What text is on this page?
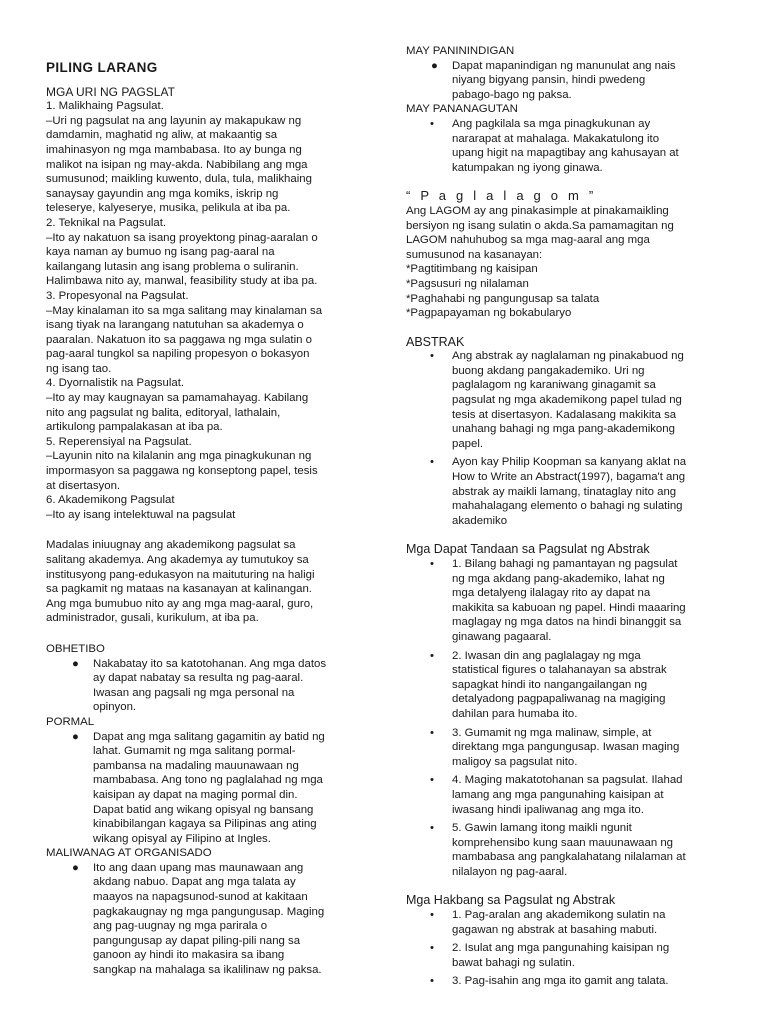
PILING LARANG

MGA URI NG PAGSLAT

1. Malikhaing Pagsulat.
–Uri ng pagsulat na ang layunin ay makapukaw ng
damdamin, maghatid ng aliw, at makaantig sa
imahinasyon ng mga mambabasa. Ito ay bunga ng
malikot na isipan ng may-akda. Nabibilang ang mga
sumusunod; maikling kuwento, dula, tula, malikhaing
sanaysay gayundin ang mga komiks, iskrip ng
teleserye, kalyeserye, musika, pelikula at iba pa.
2. Teknikal na Pagsulat.
–Ito ay nakatuon sa isang proyektong pinag-aaralan o
kaya naman ay bumuo ng isang pag-aaral na
kailangang lutasin ang isang problema o suliranin.
Halimbawa nito ay, manwal, feasibility study at iba pa.
3. Propesyonal na Pagsulat.
–May kinalaman ito sa mga salitang may kinalaman sa
isang tiyak na larangang natutuhan sa akademya o
paaralan. Nakatuon ito sa paggawa ng mga sulatin o
pag-aaral tungkol sa napiling propesyon o bokasyon
ng isang tao.
4. Dyornalistik na Pagsulat.
–Ito ay may kaugnayan sa pamamahayag. Kabilang
nito ang pagsulat ng balita, editoryal, lathalain,
artikulong pampalakasan at iba pa.
5. Reperensiyal na Pagsulat.
–Layunin nito na kilalanin ang mga pinagkukunan ng
impormasyon sa paggawa ng konseptong papel, tesis
at disertasyon.
6. Akademikong Pagsulat
–Ito ay isang intelektuwal na pagsulat
Madalas iniuugnay ang akademikong pagsulat sa
salitang akademya. Ang akademya ay tumutukoy sa
institusyong pang-edukasyon na maituturing na haligi
sa pagkamit ng mataas na kasanayan at kalinangan.
Ang mga bumubuo nito ay ang mga mag-aaral, guro,
administrador, gusali, kurikulum, at iba pa.

OBHETIBO

● Nakabatay ito sa katotohanan. Ang mga datos
ay dapat nabatay sa resulta ng pag-aaral.
Iwasan ang pagsali ng mga personal na
opinyon.

PORMAL

● Dapat ang mga salitang gagamitin ay batid ng
lahat. Gumamit ng mga salitang pormal-
pambansa na madaling mauunawaan ng
mambabasa. Ang tono ng paglalahad ng mga
kaisipan ay dapat na maging pormal din.
Dapat batid ang wikang opisyal ng bansang
kinabibilangan kagaya sa Pilipinas ang ating
wikang opisyal ay Filipino at Ingles.

MALIWANAG AT ORGANISADO

● Ito ang daan upang mas maunawaan ang
akdang nabuo. Dapat ang mga talata ay
maayos na napagsunod-sunod at kakitaan
pagkakaugnay ng mga pangungusap. Maging
ang pag-uugnay ng mga parirala o
pangungusap ay dapat piling-pili nang sa
ganoon ay hindi ito makasira sa ibang
sangkap na mahalaga sa ikalilinaw ng paksa.

MAY PANININDIGAN

● Dapat mapanindigan ng manunulat ang nais
niyang bigyang pansin, hindi pwedeng
pabago-bago ng paksa.

MAY PANANAGUTAN

• Ang pagkilala sa mga pinagkukunan ay
nararapat at mahalaga. Makakatulong ito
upang higit na mapagtibay ang kahusayan at
katumpakan ng iyong ginawa.

“ P a g l a l a g o m ”

Ang LAGOM ay ang pinakasimple at pinakamaikling
bersiyon ng isang sulatin o akda.Sa pamamagitan ng
LAGOM nahuhubog sa mga mag-aaral ang mga
sumusunod na kasanayan:
*Pagtitimbang ng kaisipan
*Pagsusuri ng nilalaman
*Paghahabi ng pangungusap sa talata
*Pagpapayaman ng bokabularyo

ABSTRAK

• Ang abstrak ay naglalaman ng pinakabuod ng
buong akdang pangakademiko. Uri ng
paglalagom ng karaniwang ginagamit sa
pagsulat ng mga akademikong papel tulad ng
tesis at disertasyon. Kadalasang makikita sa
unahang bahagi ng mga pang-akademikong
papel.
• Ayon kay Philip Koopman sa kanyang aklat na
How to Write an Abstract(1997), bagama't ang
abstrak ay maikli lamang, tinataglay nito ang
mahahalagang elemento o bahagi ng sulating
akademiko

Mga Dapat Tandaan sa Pagsulat ng Abstrak

• 1. Bilang bahagi ng pamantayan ng pagsulat
ng mga akdang pang-akademiko, lahat ng
mga detalyeng ilalagay rito ay dapat na
makikita sa kabuoan ng papel. Hindi maaaring
maglagay ng mga datos na hindi binanggit sa
ginawang pagaaral.
• 2. Iwasan din ang paglalagay ng mga
statistical figures o talahanayan sa abstrak
sapagkat hindi ito nangangailangan ng
detalyadong pagpapaliwanag na magiging
dahilan para humaba ito.
• 3. Gumamit ng mga malinaw, simple, at
direktang mga pangungusap. Iwasan maging
maligoy sa pagsulat nito.
• 4. Maging makatotohanan sa pagsulat. Ilahad
lamang ang mga pangunahing kaisipan at
iwasang hindi ipaliwanag ang mga ito.
• 5. Gawin lamang itong maikli ngunit
komprehensibo kung saan mauunawaan ng
mambabasa ang pangkalahatang nilalaman at
nilalayon ng pag-aaral.

Mga Hakbang sa Pagsulat ng Abstrak

• 1. Pag-aralan ang akademikong sulatin na
gagawan ng abstrak at basahing mabuti.
• 2. Isulat ang mga pangunahing kaisipan ng
bawat bahagi ng sulatin.
• 3. Pag-isahin ang mga ito gamit ang talata.
